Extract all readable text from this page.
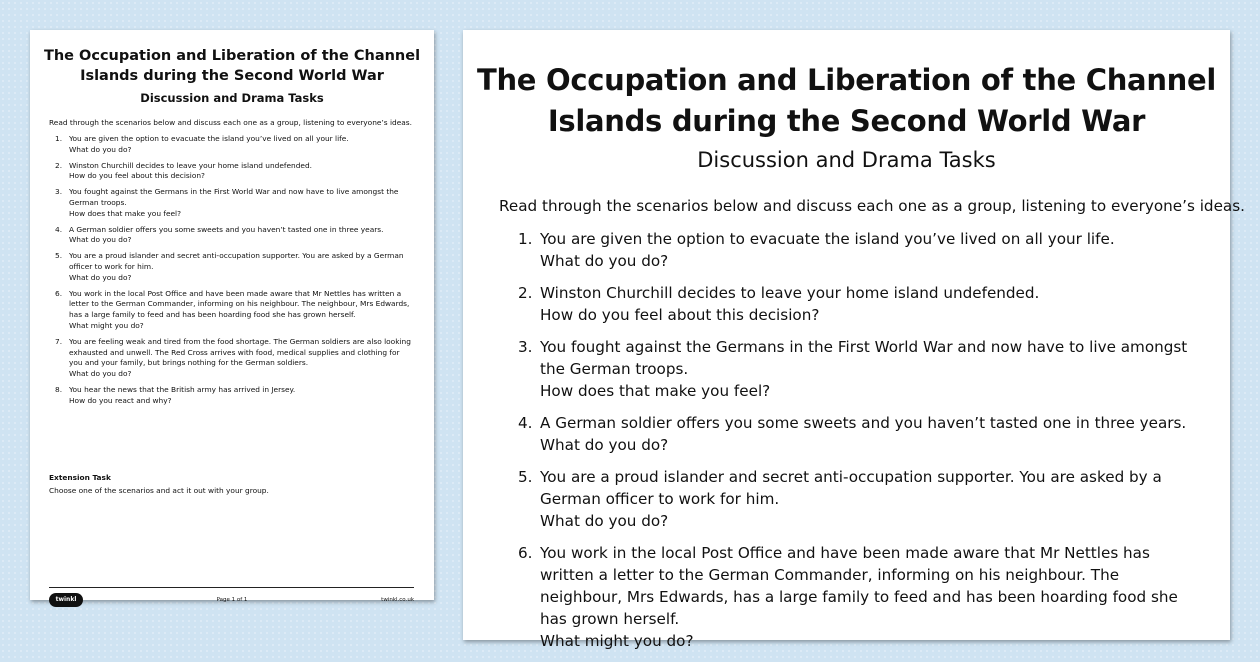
The Occupation and Liberation of the Channel
Islands during the Second World War
Discussion and Drama Tasks
Read through the scenarios below and discuss each one as a group, listening to everyone’s ideas.
1. You are given the option to evacuate the island you’ve lived on all your life.
What do you do?
2. Winston Churchill decides to leave your home island undefended.
How do you feel about this decision?
3. You fought against the Germans in the First World War and now have to live amongst the German troops.
How does that make you feel?
4. A German soldier offers you some sweets and you haven’t tasted one in three years.
What do you do?
5. You are a proud islander and secret anti-occupation supporter. You are asked by a German officer to work for him.
What do you do?
6. You work in the local Post Office and have been made aware that Mr Nettles has written a letter to the German Commander, informing on his neighbour. The neighbour, Mrs Edwards, has a large family to feed and has been hoarding food she has grown herself.
What might you do?
7. You are feeling weak and tired from the food shortage. The German soldiers are also looking exhausted and unwell. The Red Cross arrives with food, medical supplies and clothing for you and your family, but brings nothing for the German soldiers.
What do you do?
8. You hear the news that the British army has arrived in Jersey.
How do you react and why?
Extension Task
Choose one of the scenarios and act it out with your group.
twinkl	Page 1 of 1	twinkl.co.uk
The Occupation and Liberation of the Channel
Islands during the Second World War
Discussion and Drama Tasks
Read through the scenarios below and discuss each one as a group, listening to everyone’s ideas.
1. You are given the option to evacuate the island you’ve lived on all your life.
What do you do?
2. Winston Churchill decides to leave your home island undefended.
How do you feel about this decision?
3. You fought against the Germans in the First World War and now have to live amongst the German troops.
How does that make you feel?
4. A German soldier offers you some sweets and you haven’t tasted one in three years.
What do you do?
5. You are a proud islander and secret anti-occupation supporter. You are asked by a German officer to work for him.
What do you do?
6. You work in the local Post Office and have been made aware that Mr Nettles has written a letter to the German Commander, informing on his neighbour. The neighbour, Mrs Edwards, has a large family to feed and has been hoarding food she has grown herself.
What might you do?
